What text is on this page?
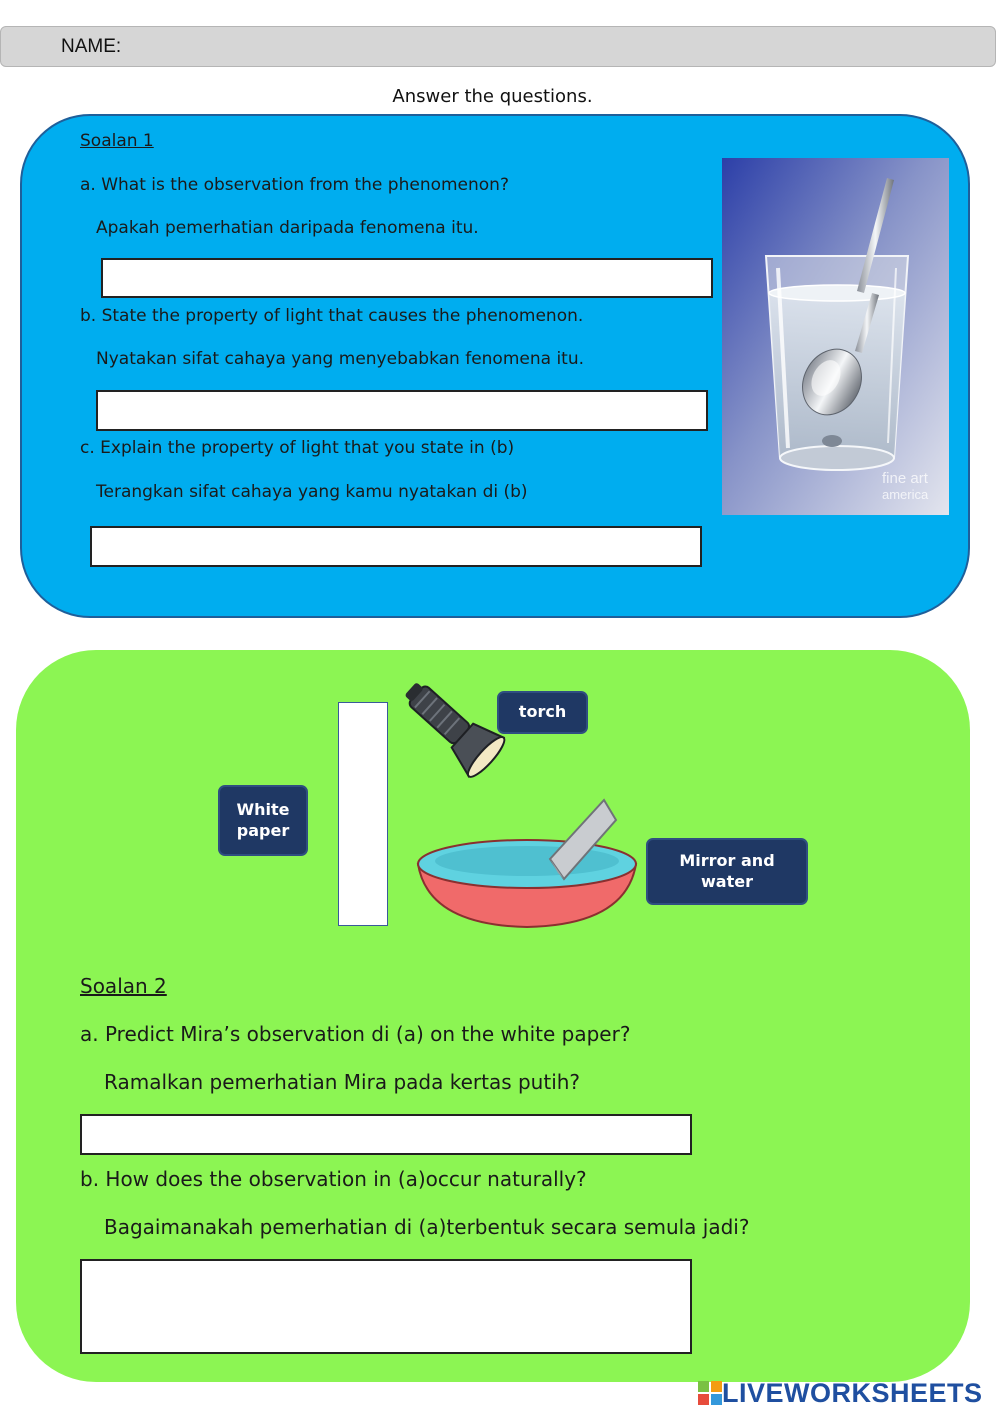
NAME:
Answer the questions.
Soalan 1
a. What is the observation from the phenomenon?
Apakah pemerhatian daripada fenomena itu.
b. State the property of light that causes the phenomenon.
Nyatakan sifat cahaya yang menyebabkan fenomena itu.
c. Explain the property of light that you state in (b)
Terangkan sifat cahaya yang kamu nyatakan di (b)
fine art
america
torch
White paper
Mirror and water
Soalan 2
a. Predict Mira’s observation di (a) on the white paper?
Ramalkan pemerhatian Mira pada kertas putih?
b. How does the observation in (a)occur naturally?
Bagaimanakah pemerhatian di (a)terbentuk secara semula jadi?
LIVEWORKSHEETS
